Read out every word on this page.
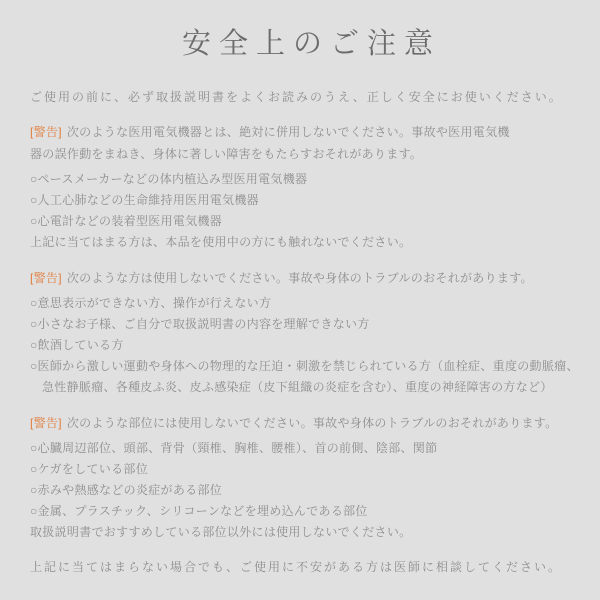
安全上のご注意

ご使用の前に、必ず取扱説明書をよくお読みのうえ、正しく安全にお使いください。

[警告] 次のような医用電気機器とは、絶対に併用しないでください。事故や医用電気機
器の誤作動をまねき、身体に著しい障害をもたらすおそれがあります。
○ペースメーカーなどの体内植込み型医用電気機器
○人工心肺などの生命維持用医用電気機器
○心電計などの装着型医用電気機器
上記に当てはまる方は、本品を使用中の方にも触れないでください。
[警告] 次のような方は使用しないでください。事故や身体のトラブルのおそれがあります。
○意思表示ができない方、操作が行えない方
○小さなお子様、ご自分で取扱説明書の内容を理解できない方
○飲酒している方
○医師から激しい運動や身体への物理的な圧迫・刺激を禁じられている方（血栓症、重度の動脈瘤、
急性静脈瘤、各種皮ふ炎、皮ふ感染症（皮下組織の炎症を含む）、重度の神経障害の方など）
[警告] 次のような部位には使用しないでください。事故や身体のトラブルのおそれがあります。
○心臓周辺部位、頭部、背骨（頸椎、胸椎、腰椎）、首の前側、陰部、関節
○ケガをしている部位
○赤みや熱感などの炎症がある部位
○金属、プラスチック、シリコーンなどを埋め込んである部位
取扱説明書でおすすめしている部位以外には使用しないでください。

上記に当てはまらない場合でも、ご使用に不安がある方は医師に相談してください。
